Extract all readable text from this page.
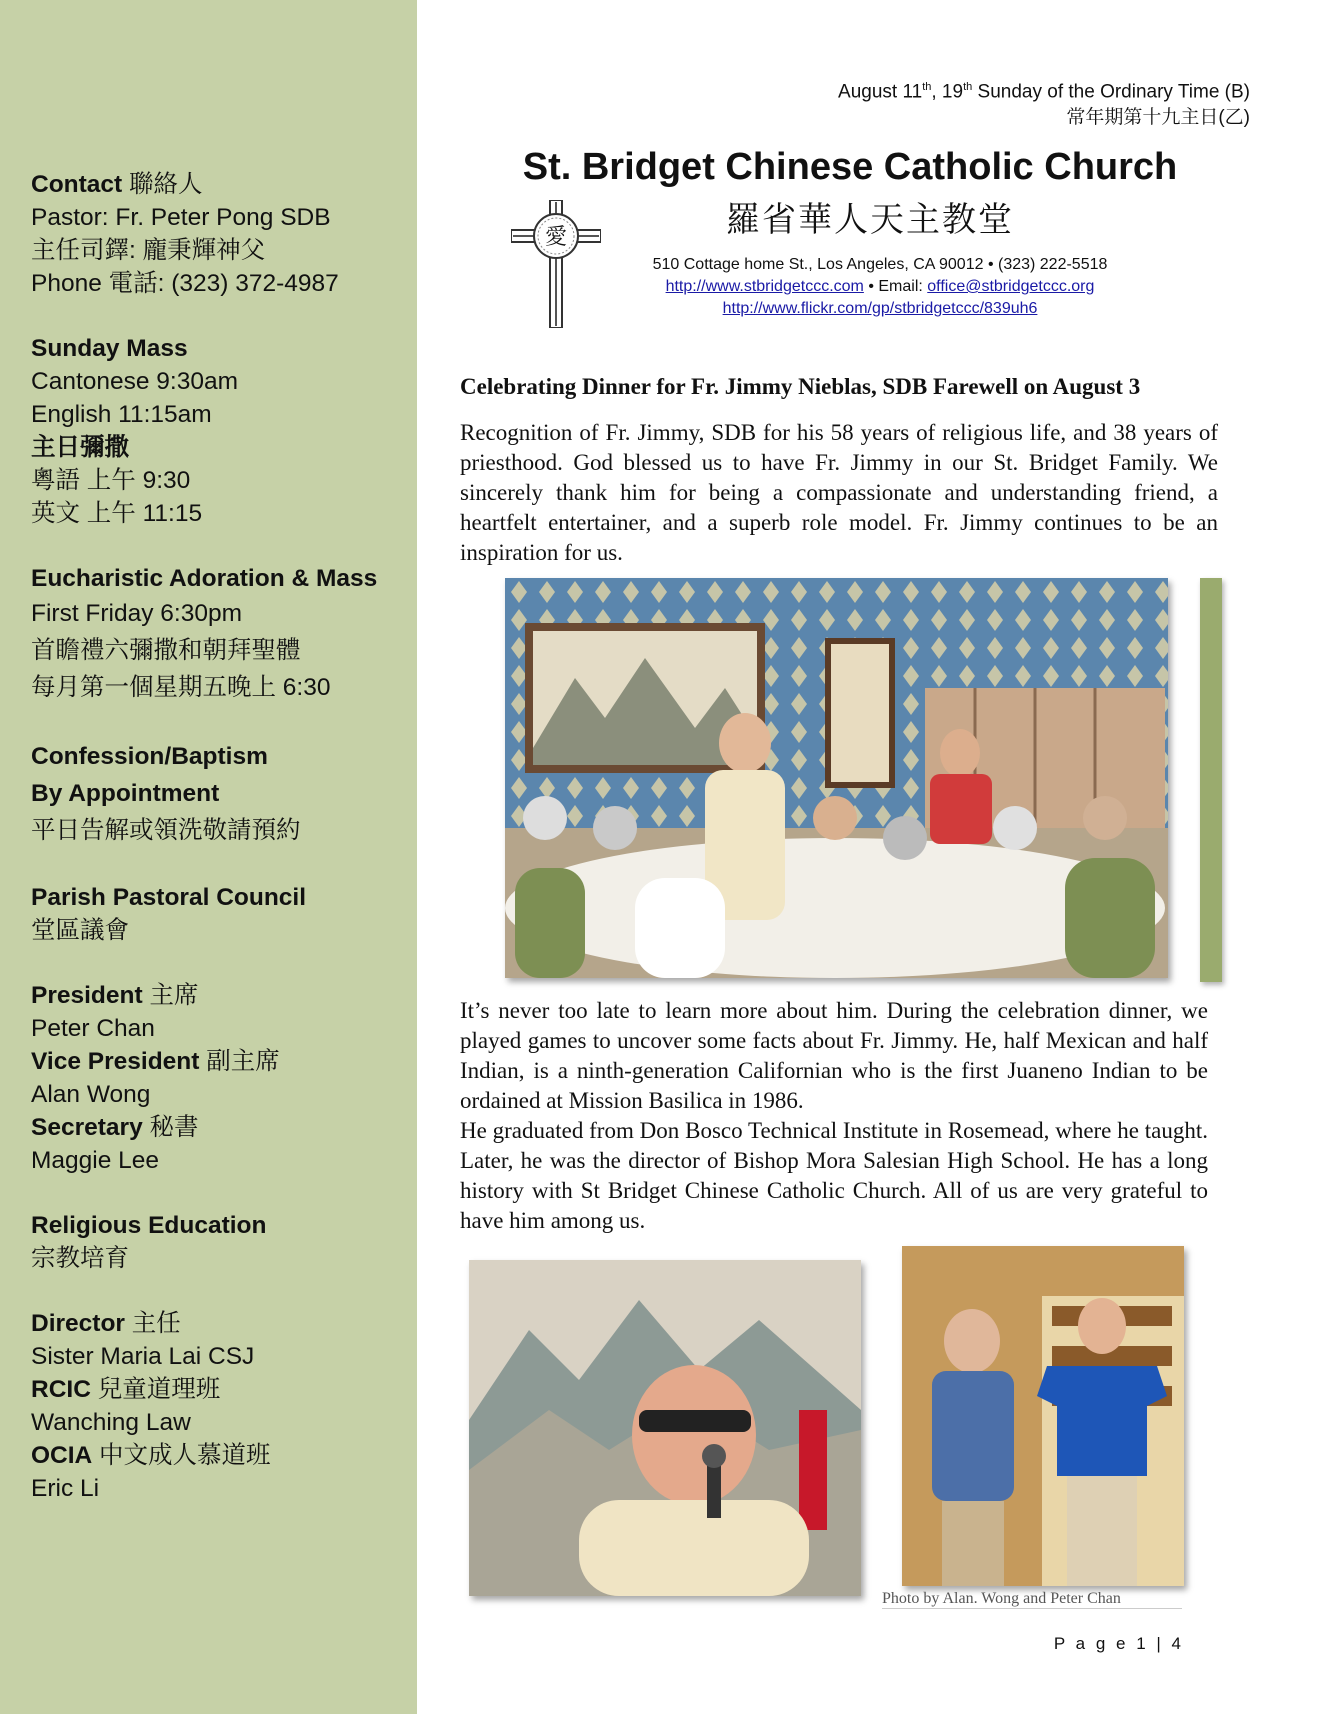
Contact 聯絡人
Pastor: Fr. Peter Pong SDB
主任司鐸: 龐秉輝神父
Phone 電話: (323) 372-4987
Sunday Mass
Cantonese 9:30am
English 11:15am
主日彌撒
粵語 上午 9:30
英文 上午 11:15
Eucharistic Adoration & Mass
First Friday 6:30pm
首瞻禮六彌撒和朝拜聖體
每月第一個星期五晚上 6:30
Confession/Baptism
By Appointment
平日告解或領洗敬請預約
Parish Pastoral Council
堂區議會
President 主席
Peter Chan
Vice President 副主席
Alan Wong
Secretary 秘書
Maggie Lee
Religious Education
宗教培育
Director 主任
Sister Maria Lai CSJ
RCIC 兒童道理班
Wanching Law
OCIA 中文成人慕道班
Eric Li
August 11th, 19th Sunday of the Ordinary Time (B)
常年期第十九主日(乙)
St. Bridget Chinese Catholic Church
羅省華人天主教堂
愛
510 Cottage home St., Los Angeles, CA 90012 • (323) 222-5518
http://www.stbridgetccc.com • Email: office@stbridgetccc.org
http://www.flickr.com/gp/stbridgetccc/839uh6
Celebrating Dinner for Fr. Jimmy Nieblas, SDB Farewell on August 3
Recognition of Fr. Jimmy, SDB for his 58 years of religious life, and 38 years of priesthood. God blessed us to have Fr. Jimmy in our St. Bridget Family. We sincerely thank him for being a compassionate and understanding friend, a heartfelt entertainer, and a superb role model. Fr. Jimmy continues to be an inspiration for us.
It’s never too late to learn more about him. During the celebration dinner, we played games to uncover some facts about Fr. Jimmy. He, half Mexican and half Indian, is a ninth-generation Californian who is the first Juaneno Indian to be ordained at Mission Basilica in 1986.
He graduated from Don Bosco Technical Institute in Rosemead, where he taught. Later, he was the director of Bishop Mora Salesian High School. He has a long history with St Bridget Chinese Catholic Church. All of us are very grateful to have him among us.
Photo by Alan. Wong and Peter Chan
P a g e 1 | 4
